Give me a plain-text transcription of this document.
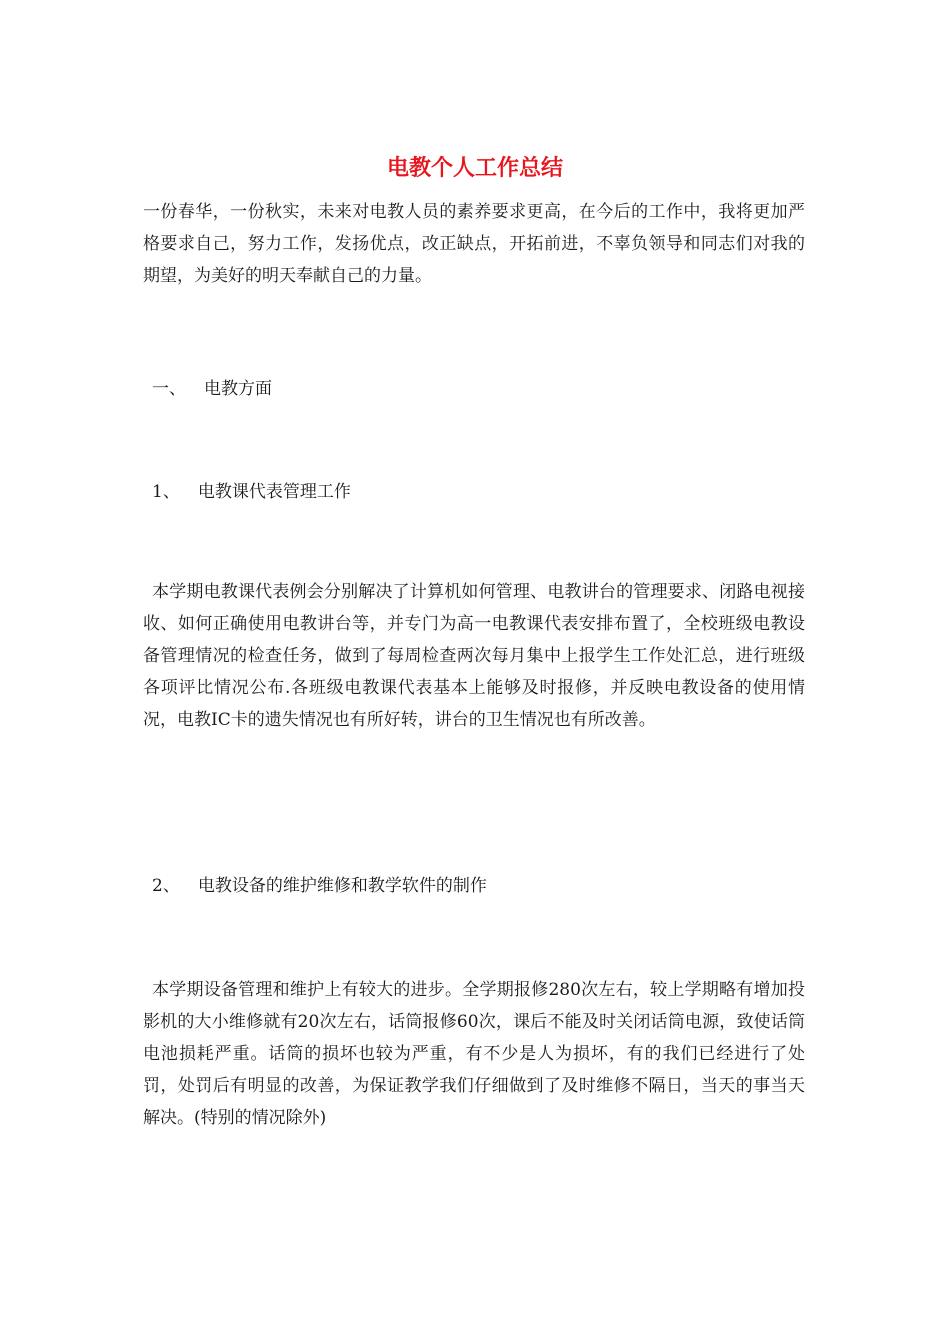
电教个人工作总结

一份春华，一份秋实，未来对电教人员的素养要求更高，在今后的工作中，我将更加严格要求自己，努力工作，发扬优点，改正缺点，开拓前进，不辜负领导和同志们对我的期望，为美好的明天奉献自己的力量。

一、 电教方面
1、 电教课代表管理工作

本学期电教课代表例会分别解决了计算机如何管理、电教讲台的管理要求、闭路电视接收、如何正确使用电教讲台等，并专门为高一电教课代表安排布置了，全校班级电教设备管理情况的检查任务，做到了每周检查两次每月集中上报学生工作处汇总，进行班级各项评比情况公布.各班级电教课代表基本上能够及时报修，并反映电教设备的使用情况，电教IC卡的遗失情况也有所好转，讲台的卫生情况也有所改善。

2、 电教设备的维护维修和教学软件的制作

本学期设备管理和维护上有较大的进步。全学期报修280次左右，较上学期略有增加投影机的大小维修就有20次左右，话筒报修60次，课后不能及时关闭话筒电源，致使话筒电池损耗严重。话筒的损坏也较为严重，有不少是人为损坏，有的我们已经进行了处罚，处罚后有明显的改善，为保证教学我们仔细做到了及时维修不隔日，当天的事当天解决。(特别的情况除外)
